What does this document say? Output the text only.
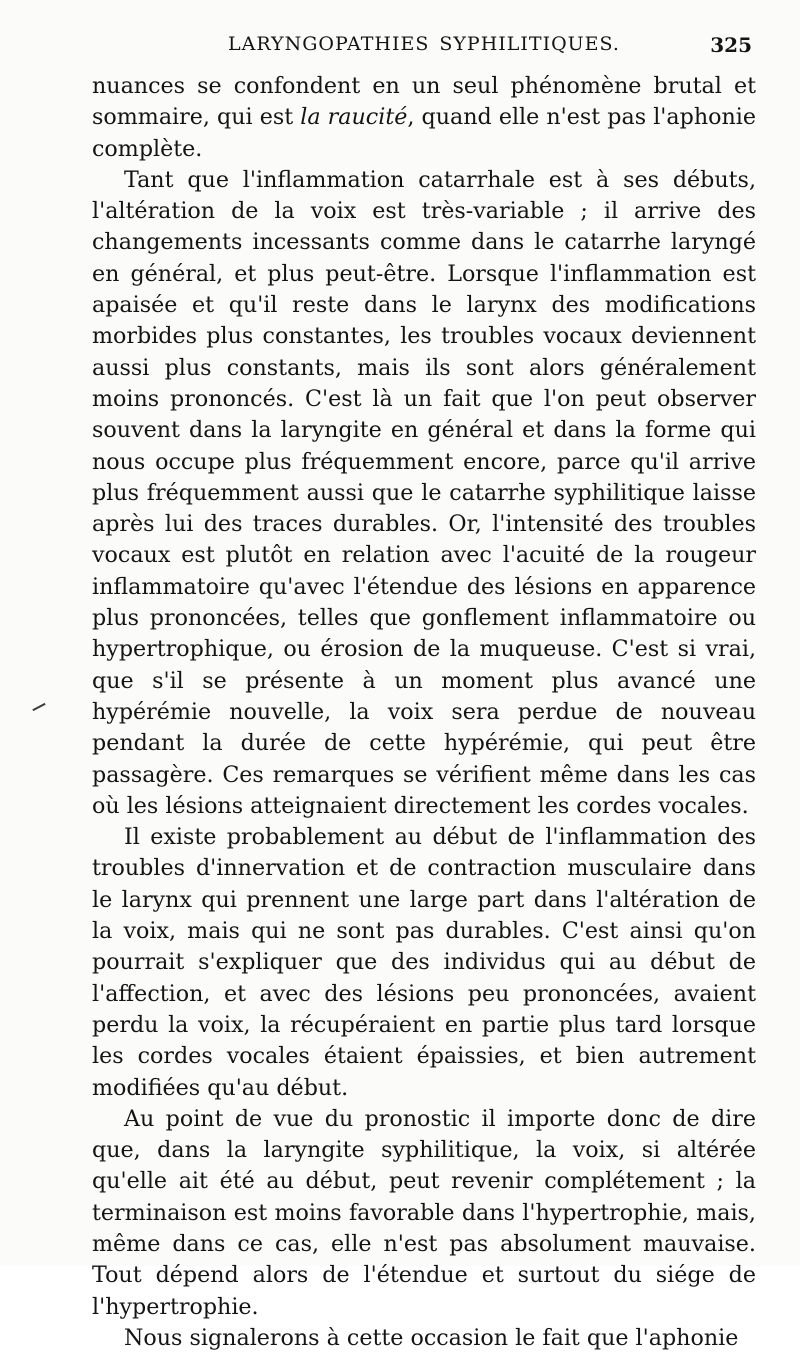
LARYNGOPATHIES SYPHILITIQUES.	325

nuances se confondent en un seul phénomène brutal et sommaire, qui est la raucité, quand elle n'est pas l'aphonie complète.

Tant que l'inflammation catarrhale est à ses débuts, l'altération de la voix est très-variable ; il arrive des changements incessants comme dans le catarrhe laryngé en général, et plus peut-être. Lorsque l'inflammation est apaisée et qu'il reste dans le larynx des modifications morbides plus constantes, les troubles vocaux deviennent aussi plus constants, mais ils sont alors généralement moins prononcés. C'est là un fait que l'on peut observer souvent dans la laryngite en général et dans la forme qui nous occupe plus fréquemment encore, parce qu'il arrive plus fréquemment aussi que le catarrhe syphilitique laisse après lui des traces durables. Or, l'intensité des troubles vocaux est plutôt en relation avec l'acuité de la rougeur inflammatoire qu'avec l'étendue des lésions en apparence plus prononcées, telles que gonflement inflammatoire ou hypertrophique, ou érosion de la muqueuse. C'est si vrai, que s'il se présente à un moment plus avancé une hypérémie nouvelle, la voix sera perdue de nouveau pendant la durée de cette hypérémie, qui peut être passagère. Ces remarques se vérifient même dans les cas où les lésions atteignaient directement les cordes vocales.

Il existe probablement au début de l'inflammation des troubles d'innervation et de contraction musculaire dans le larynx qui prennent une large part dans l'altération de la voix, mais qui ne sont pas durables. C'est ainsi qu'on pourrait s'expliquer que des individus qui au début de l'affection, et avec des lésions peu prononcées, avaient perdu la voix, la récupéraient en partie plus tard lorsque les cordes vocales étaient épaissies, et bien autrement modifiées qu'au début.

Au point de vue du pronostic il importe donc de dire que, dans la laryngite syphilitique, la voix, si altérée qu'elle ait été au début, peut revenir complétement ; la terminaison est moins favorable dans l'hypertrophie, mais, même dans ce cas, elle n'est pas absolument mauvaise. Tout dépend alors de l'étendue et surtout du siége de l'hypertrophie.

Nous signalerons à cette occasion le fait que l'aphonie
